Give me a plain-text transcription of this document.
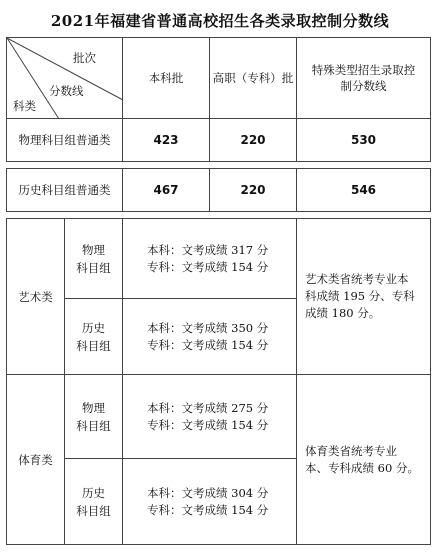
2021年福建省普通高校招生各类录取控制分数线
批次
分数线
科类		本科批	高职（专科）批	特殊类型招生录取控
制分数线

物理科目组普通类		423	220	530

历史科目组普通类		467	220	546

艺术类	物理
科目组	本科：文考成绩 317 分
专科：文考成绩 154 分		艺术类省统考专业本
科成绩 195 分、专科
成绩 180 分。

	历史
科目组	本科：文考成绩 350 分
专科：文考成绩 154 分		

体育类	物理
科目组	本科：文考成绩 275 分
专科：文考成绩 154 分		体育类省统考专业
本、专科成绩 60 分。

	历史
科目组	本科：文考成绩 304 分
专科：文考成绩 154 分		
